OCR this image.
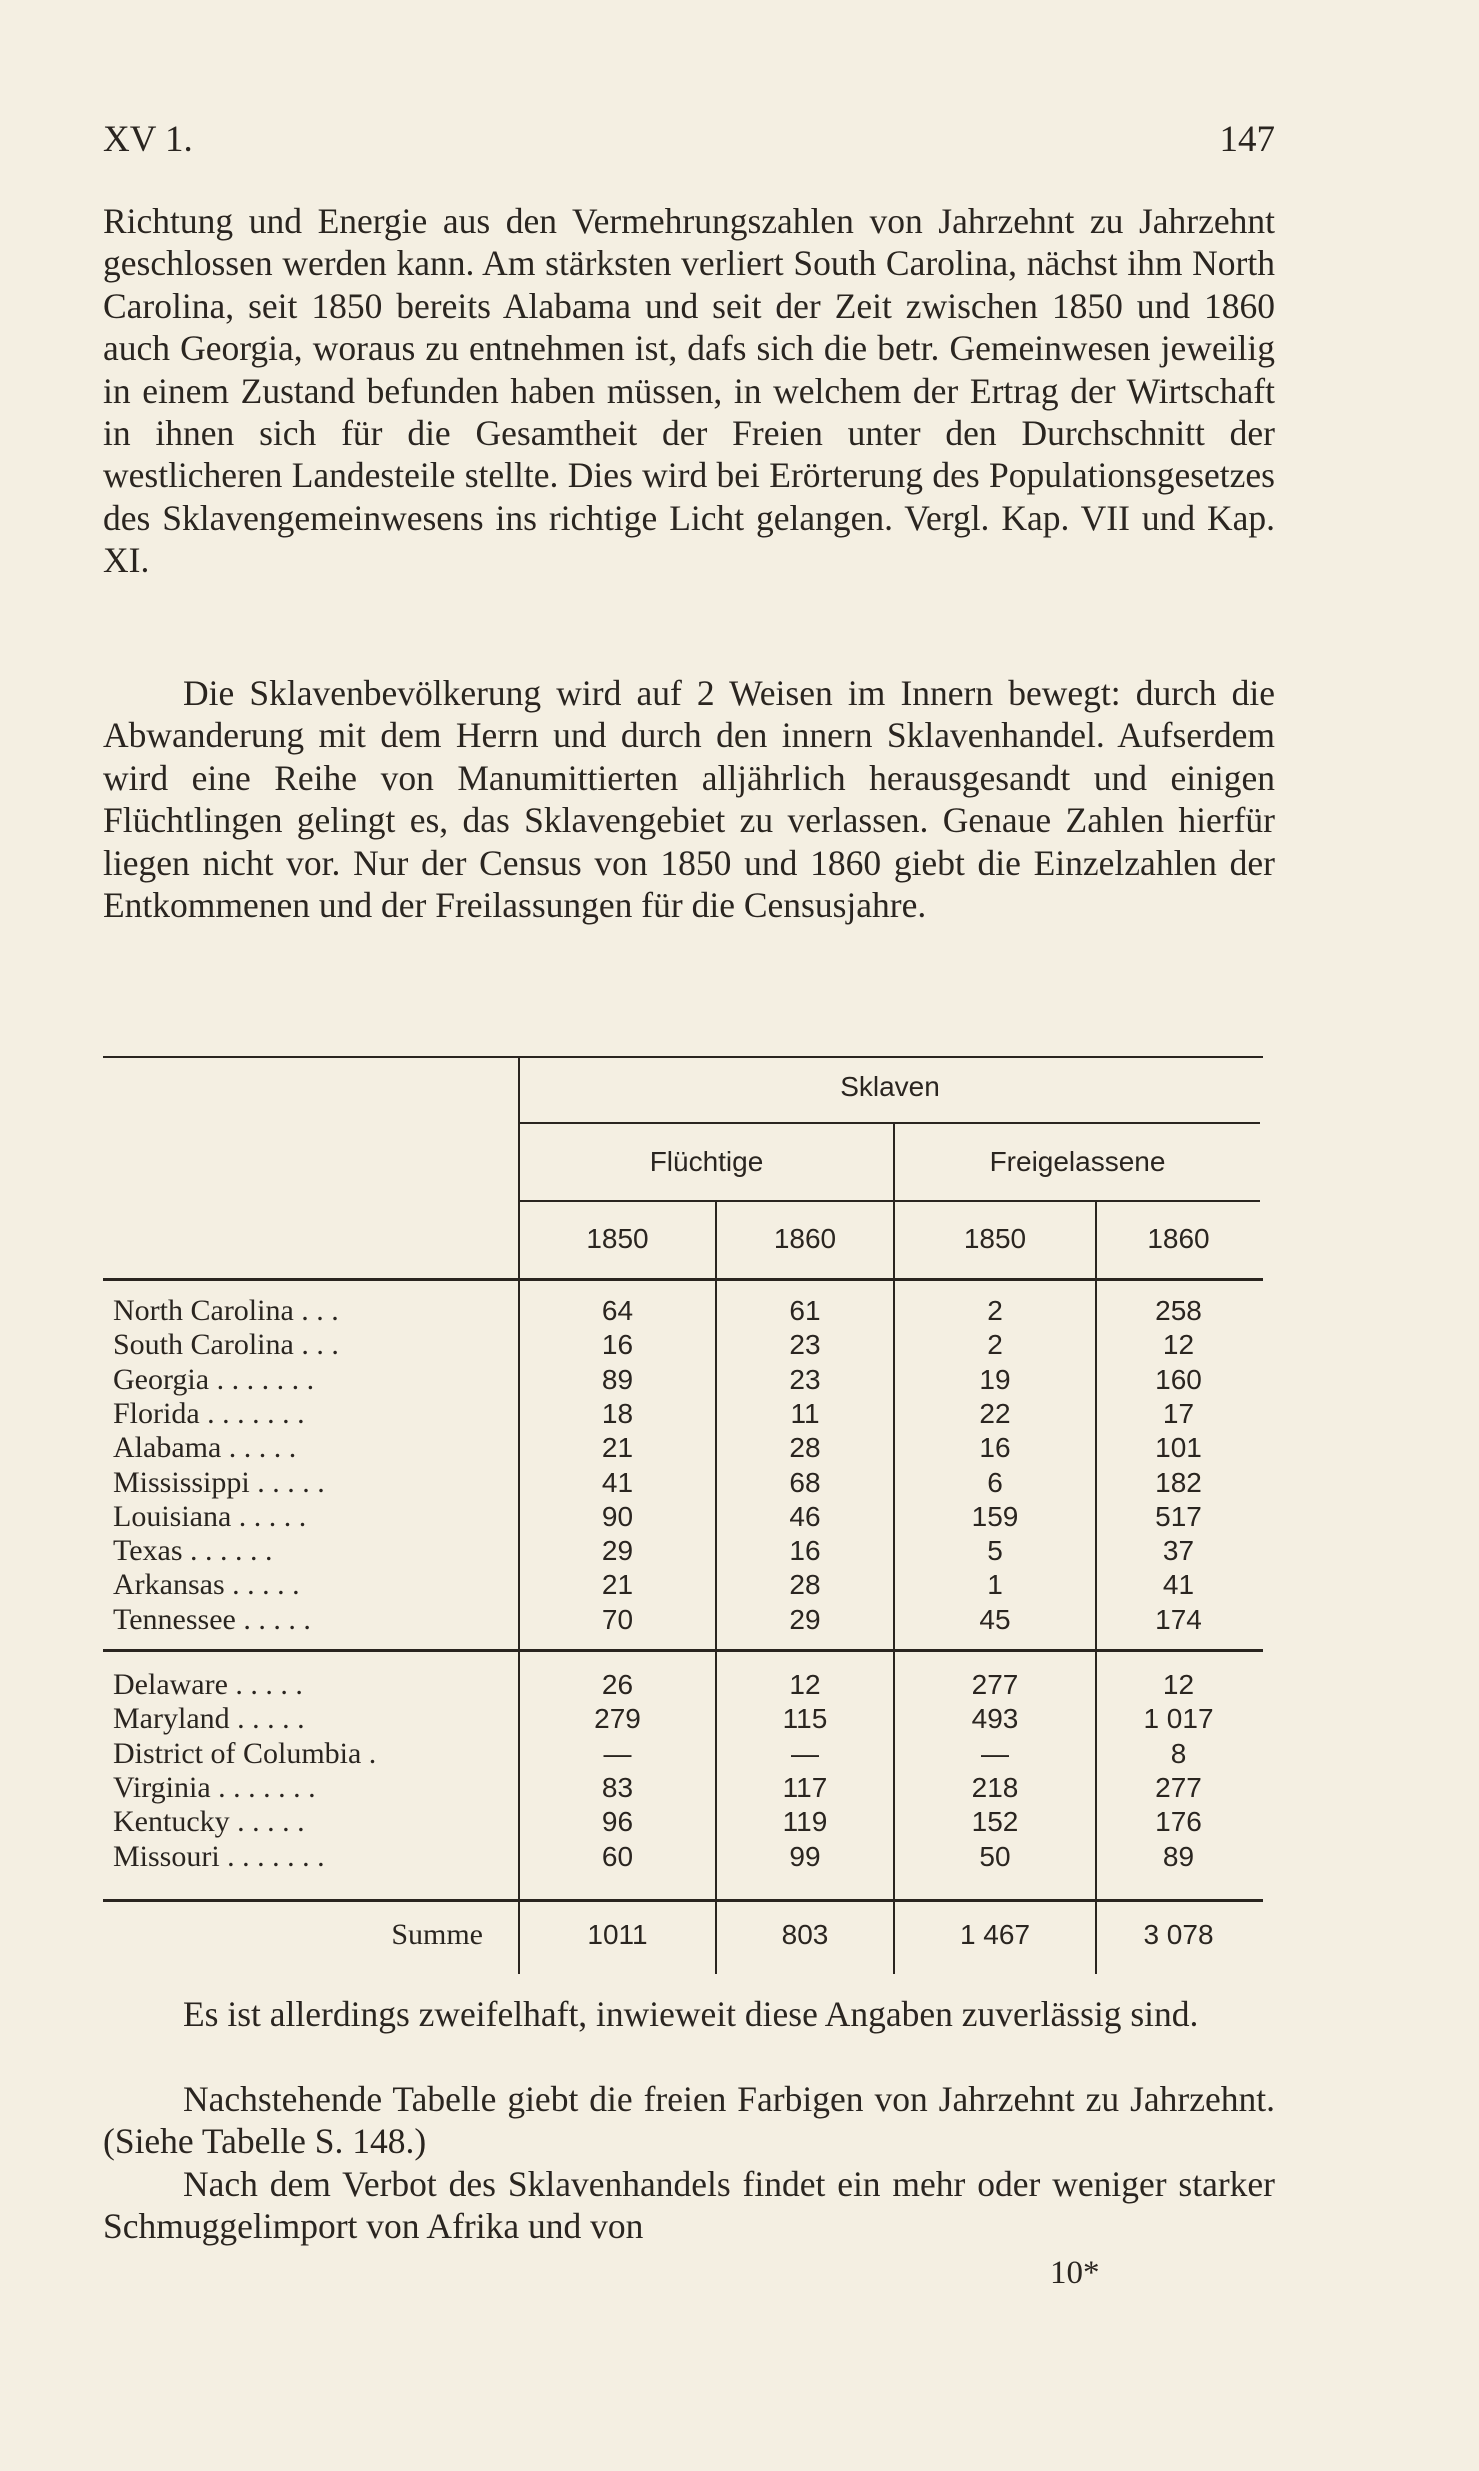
XV 1.	147

Richtung und Energie aus den Vermehrungszahlen von Jahrzehnt zu Jahrzehnt geschlossen werden kann. Am stärksten verliert South Carolina, nächst ihm North Carolina, seit 1850 bereits Alabama und seit der Zeit zwischen 1850 und 1860 auch Georgia, woraus zu entnehmen ist, dafs sich die betr. Gemeinwesen jeweilig in einem Zustand befunden haben müssen, in welchem der Ertrag der Wirtschaft in ihnen sich für die Gesamtheit der Freien unter den Durchschnitt der westlicheren Landesteile stellte. Dies wird bei Erörterung des Populationsgesetzes des Sklavengemeinwesens ins richtige Licht gelangen. Vergl. Kap. VII und Kap. XI.

Die Sklavenbevölkerung wird auf 2 Weisen im Innern bewegt: durch die Abwanderung mit dem Herrn und durch den innern Sklavenhandel. Aufserdem wird eine Reihe von Manumittierten alljährlich herausgesandt und einigen Flüchtlingen gelingt es, das Sklavengebiet zu verlassen. Genaue Zahlen hierfür liegen nicht vor. Nur der Census von 1850 und 1860 giebt die Einzelzahlen der Entkommenen und der Freilassungen für die Censusjahre.

Sklaven
Flüchtige	Freigelassene
1850	1860	1850	1860
North Carolina . . .	64	61	2	258
South Carolina . . .	16	23	2	12
Georgia . . . . . . .	89	23	19	160
Florida . . . . . . .	18	11	22	17
Alabama . . . . .	21	28	16	101
Mississippi . . . . .	41	68	6	182
Louisiana . . . . .	90	46	159	517
Texas . . . . . .	29	16	5	37
Arkansas . . . . .	21	28	1	41
Tennessee . . . . .	70	29	45	174
Delaware . . . . .	26	12	277	12
Maryland . . . . .	279	115	493	1 017
District of Columbia .	—	—	—	8
Virginia . . . . . . .	83	117	218	277
Kentucky . . . . .	96	119	152	176
Missouri . . . . . . .	60	99	50	89
Summe	1011	803	1 467	3 078

Es ist allerdings zweifelhaft, inwieweit diese Angaben zuverlässig sind.

Nachstehende Tabelle giebt die freien Farbigen von Jahrzehnt zu Jahrzehnt. (Siehe Tabelle S. 148.)

Nach dem Verbot des Sklavenhandels findet ein mehr oder weniger starker Schmuggelimport von Afrika und von

10*
